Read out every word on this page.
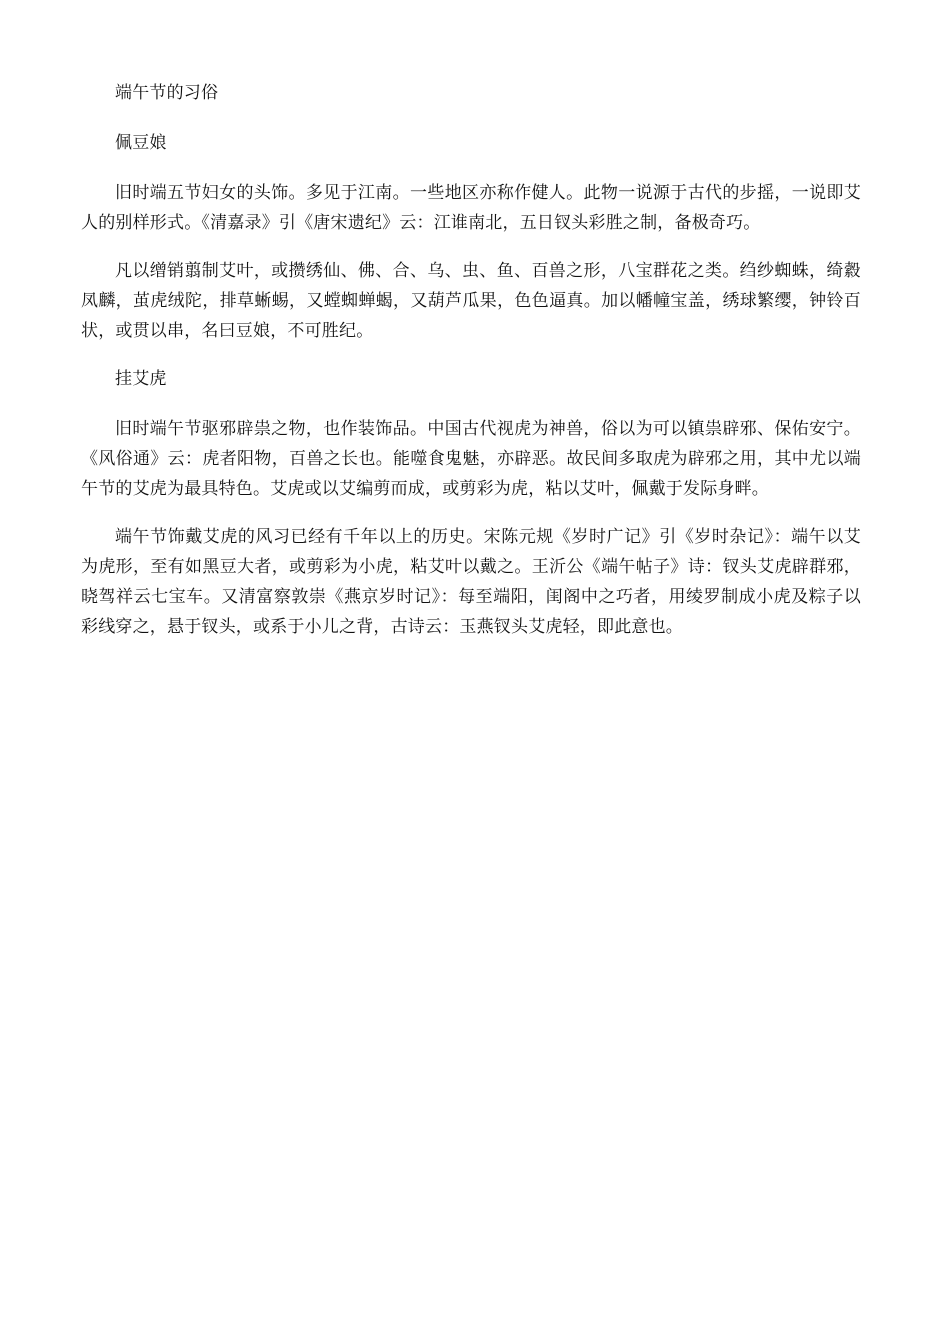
端午节的习俗

佩豆娘

旧时端五节妇女的头饰。多见于江南。一些地区亦称作健人。此物一说源于古代的步摇，一说即艾人的别样形式。《清嘉录》引《唐宋遗纪》云：江谁南北，五日钗头彩胜之制，备极奇巧。

凡以缯销翦制艾叶，或攒绣仙、佛、合、乌、虫、鱼、百兽之形，八宝群花之类。绉纱蜘蛛，绮縠凤麟，茧虎绒陀，排草蜥蜴，又螳蜘蝉蝎，又葫芦瓜果，色色逼真。加以幡幢宝盖，绣球繁缨，钟铃百状，或贯以串，名曰豆娘，不可胜纪。

挂艾虎

旧时端午节驱邪辟祟之物，也作装饰品。中国古代视虎为神兽，俗以为可以镇祟辟邪、保佑安宁。《风俗通》云：虎者阳物，百兽之长也。能噬食鬼魅，亦辟恶。故民间多取虎为辟邪之用，其中尤以端午节的艾虎为最具特色。艾虎或以艾编剪而成，或剪彩为虎，粘以艾叶，佩戴于发际身畔。

端午节饰戴艾虎的风习已经有千年以上的历史。宋陈元规《岁时广记》引《岁时杂记》：端午以艾为虎形，至有如黑豆大者，或剪彩为小虎，粘艾叶以戴之。王沂公《端午帖子》诗：钗头艾虎辟群邪，晓驾祥云七宝车。又清富察敦崇《燕京岁时记》：每至端阳，闺阁中之巧者，用绫罗制成小虎及粽子以彩线穿之，悬于钗头，或系于小儿之背，古诗云：玉燕钗头艾虎轻，即此意也。
